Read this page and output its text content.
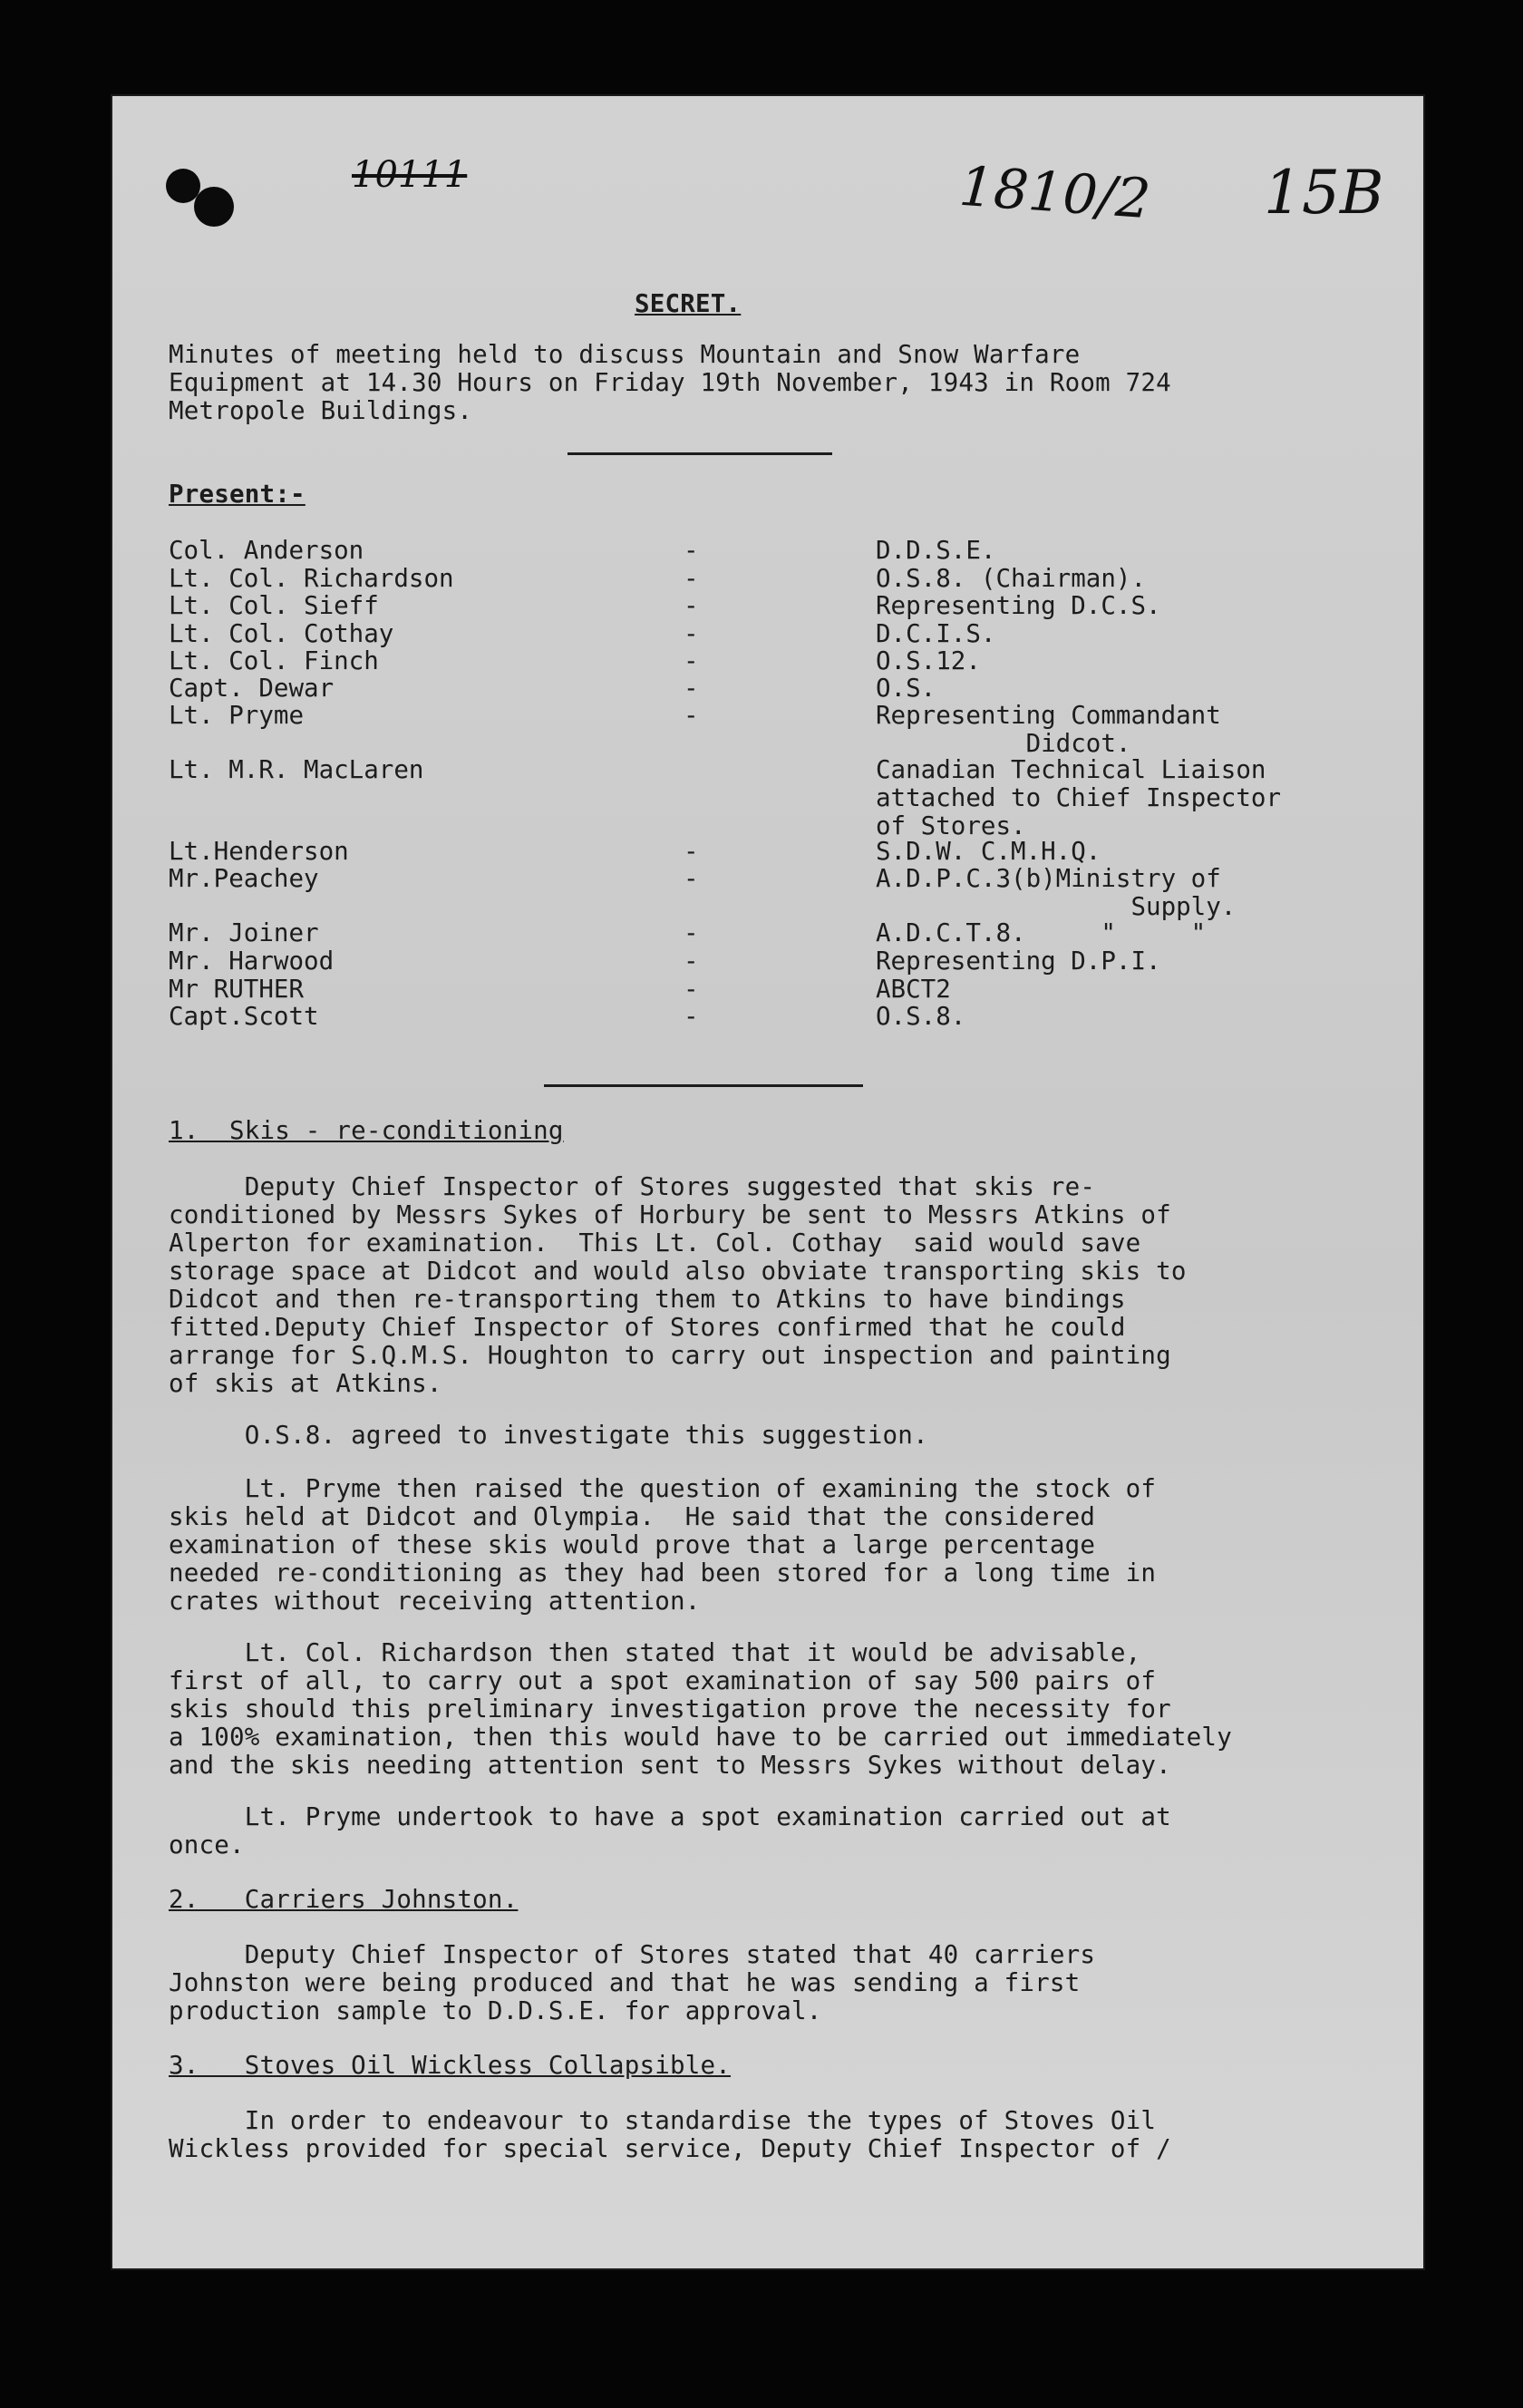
10111	1810/2 15B
SECRET.
Minutes of meeting held to discuss Mountain and Snow Warfare
Equipment at 14.30 Hours on Friday 19th November, 1943 in Room 724
Metropole Buildings.
Present:-
Col. Anderson	-	D.D.S.E.
Lt. Col. Richardson	-	O.S.8. (Chairman).
Lt. Col. Sieff	-	Representing D.C.S.
Lt. Col. Cothay	-	D.C.I.S.
Lt. Col. Finch	-	O.S.12.
Capt. Dewar	-	O.S.
Lt. Pryme	-	Representing Commandant
Didcot.
Lt. M.R. MacLaren	Canadian Technical Liaison
attached to Chief Inspector
of Stores.
Lt.Henderson	-	S.D.W. C.M.H.Q.
Mr.Peachey	-	A.D.P.C.3(b)Ministry of
Supply.
Mr. Joiner	-	A.D.C.T.8.     "     "
Mr. Harwood	-	Representing D.P.I.
Mr RUTHER	-	ABCT2
Capt.Scott	-	O.S.8.
1.  Skis - re-conditioning
Deputy Chief Inspector of Stores suggested that skis re-
conditioned by Messrs Sykes of Horbury be sent to Messrs Atkins of
Alperton for examination.  This Lt. Col. Cothay  said would save
storage space at Didcot and would also obviate transporting skis to
Didcot and then re-transporting them to Atkins to have bindings
fitted.Deputy Chief Inspector of Stores confirmed that he could
arrange for S.Q.M.S. Houghton to carry out inspection and painting
of skis at Atkins.
O.S.8. agreed to investigate this suggestion.
Lt. Pryme then raised the question of examining the stock of
skis held at Didcot and Olympia.  He said that the considered
examination of these skis would prove that a large percentage
needed re-conditioning as they had been stored for a long time in
crates without receiving attention.
Lt. Col. Richardson then stated that it would be advisable,
first of all, to carry out a spot examination of say 500 pairs of
skis should this preliminary investigation prove the necessity for
a 100% examination, then this would have to be carried out immediately
and the skis needing attention sent to Messrs Sykes without delay.
Lt. Pryme undertook to have a spot examination carried out at
once.
2.   Carriers Johnston.
Deputy Chief Inspector of Stores stated that 40 carriers
Johnston were being produced and that he was sending a first
production sample to D.D.S.E. for approval.
3.   Stoves Oil Wickless Collapsible.
In order to endeavour to standardise the types of Stoves Oil
Wickless provided for special service, Deputy Chief Inspector of /
